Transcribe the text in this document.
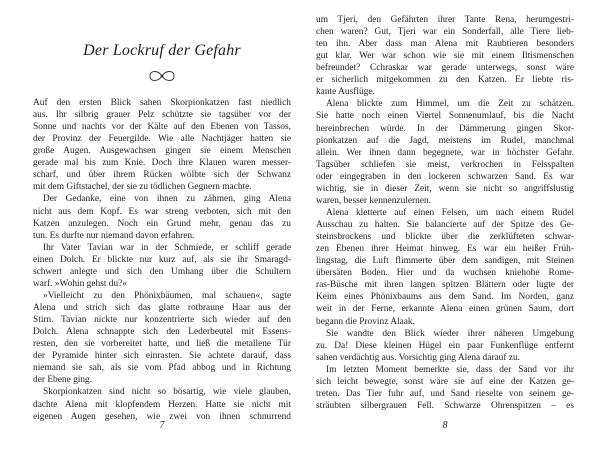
Der Lockruf der Gefahr
Auf den ersten Blick sahen Skorpionkatzen fast niedlich
aus. Ihr silbrig grauer Pelz schützte sie tagsüber vor der
Sonne und nachts vor der Kälte auf den Ebenen von Tassos,
der Provinz der Feuergilde. Wie alle Nachtjäger hatten sie
große Augen. Ausgewachsen gingen sie einem Menschen
gerade mal bis zum Knie. Doch ihre Klauen waren messer-
scharf, und über ihrem Rücken wölbte sich der Schwanz
mit dem Giftstachel, der sie zu tödlichen Gegnern machte.
Der Gedanke, eine von ihnen zu zähmen, ging Alena
nicht aus dem Kopf. Es war streng verboten, sich mit den
Katzen anzulegen. Noch ein Grund mehr, genau das zu
tun. Es durfte nur niemand davon erfahren.
Ihr Vater Tavian war in der Schmiede, er schliff gerade
einen Dolch. Er blickte nur kurz auf, als sie ihr Smaragd-
schwert anlegte und sich den Umhang über die Schultern
warf. »Wohin gehst du?«
»Vielleicht zu den Phönixbäumen, mal schauen«, sagte
Alena und strich sich das glatte rotbraune Haar aus der
Stirn. Tavian nickte nur konzentrierte sich wieder auf den
Dolch. Alena schnappte sich den Lederbeutel mit Essens-
resten, den sie vorbereitet hatte, und ließ die metallene Tür
der Pyramide hinter sich einrasten. Sie achtete darauf, dass
niemand sie sah, als sie vom Pfad abbog und in Richtung
der Ebene ging.
Skorpionkatzen sind nicht so bösartig, wie viele glauben,
dachte Alena mit klopfendem Herzen. Hatte sie nicht mit
eigenen Augen gesehen, wie zwei von ihnen schnurrend
7
um Tjeri, den Gefährten ihrer Tante Rena, herumgestri-
chen waren? Gut, Tjeri war ein Sonderfall, alle Tiere lieb-
ten ihn. Aber dass man Alena mit Raubtieren besonders
gut klar. Wer war schon wie sie mit einem Iltismenschen
befreundet? Cchraskar war gerade unterwegs, sonst wäre
er sicherlich mitgekommen zu den Katzen. Er liebte ris-
kante Ausflüge.
Alena blickte zum Himmel, um die Zeit zu schätzen.
Sie hatte noch einen Viertel Sonnenumlauf, bis die Nacht
hereinbrechen würde. In der Dämmerung gingen Skor-
pionkatzen auf die Jagd, meistens im Rudel, manchmal
allein. Wer ihnen dann begegnete, war in höchster Gefahr.
Tagsüber schliefen sie meist, verkrochen in Felsspalten
oder eingegraben in den lockeren schwarzen Sand. Es war
wichtig, sie in dieser Zeit, wenn sie nicht so angriffslustig
waren, besser kennenzulernen.
Alena kletterte auf einen Felsen, um nach einem Rudel
Ausschau zu halten. Sie balancierte auf der Spitze des Ge-
steinsbrockens und blickte über die zerklüfteten schwar-
zen Ebenen ihrer Heimat hinweg. Es war ein heißer Früh-
lingstag, die Luft flimmerte über dem sandigen, mit Steinen
übersäten Boden. Hier und da wuchsen kniehohe Rome-
ras-Büsche mit ihren langen spitzen Blättern oder lugte der
Keim eines Phönixbaums aus dem Sand. Im Norden, ganz
weit in der Ferne, erkannte Alena einen grünen Saum, dort
begann die Provinz Alaak.
Sie wandte den Blick wieder ihrer näheren Umgebung
zu. Da! Diese kleinen Hügel ein paar Funkenflüge entfernt
sahen verdächtig aus. Vorsichtig ging Alena darauf zu.
Im letzten Moment bemerkte sie, dass der Sand vor ihr
sich leicht bewegte, sonst wäre sie auf eine der Katzen ge-
treten. Das Tier fuhr auf, und Sand rieselte von seinem ge-
sträubten silbergrauen Fell. Schwarze Ohrenspitzen – es
8
